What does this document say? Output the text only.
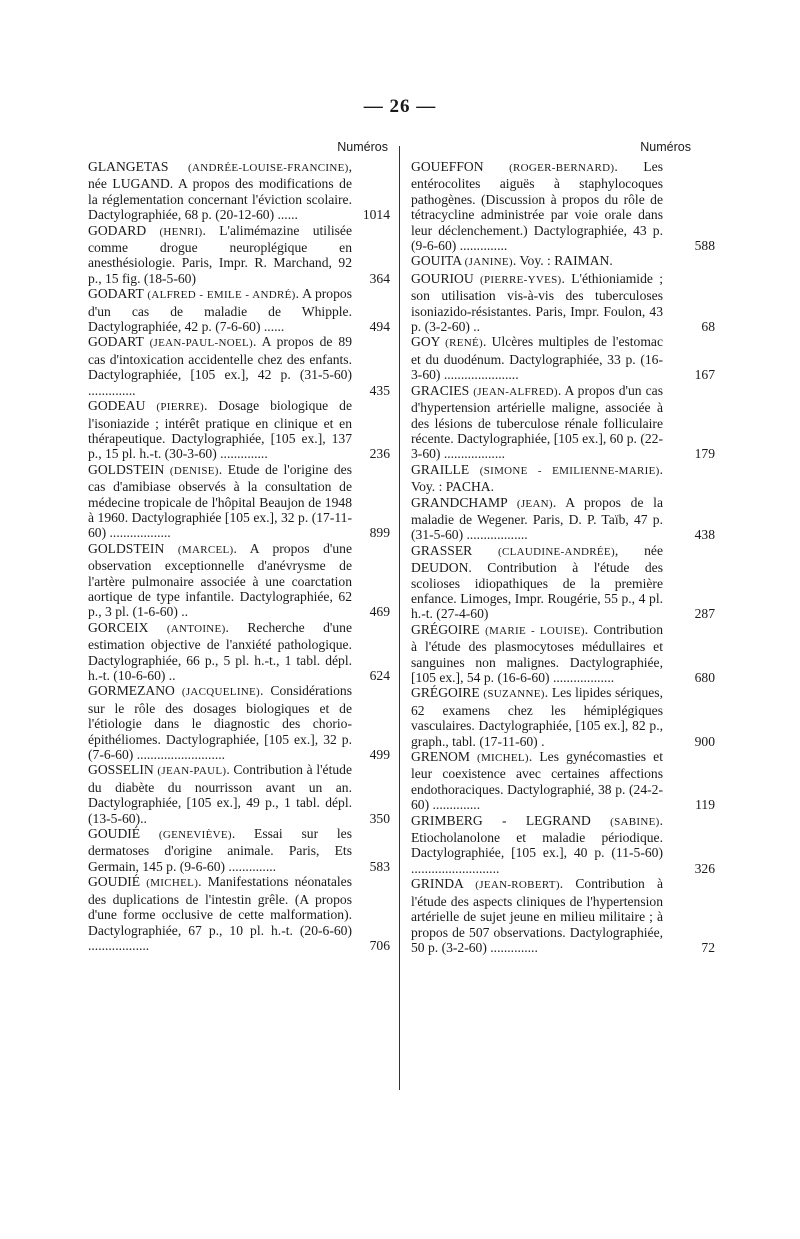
— 26 —
Numéros
GLANGETAS (ANDRÉE-LOUISE-FRANCINE), née LUGAND. A propos des modifications de la réglementation concernant l'éviction scolaire. Dactylographiée, 68 p. (20-12-60) ......	1014
GODARD (HENRI). L'alimémazine utilisée comme drogue neuroplégique en anesthésiologie. Paris, Impr. R. Marchand, 92 p., 15 fig. (18-5-60)	364
GODART (ALFRED - EMILE - ANDRÉ). A propos d'un cas de maladie de Whipple. Dactylographiée, 42 p. (7-6-60) ......	494
GODART (JEAN-PAUL-NOEL). A propos de 89 cas d'intoxication accidentelle chez des enfants. Dactylographiée, [105 ex.], 42 p. (31-5-60) ..............	435
GODEAU (PIERRE). Dosage biologique de l'isoniazide ; intérêt pratique en clinique et en thérapeutique. Dactylographiée, [105 ex.], 137 p., 15 pl. h.-t. (30-3-60) ..............	236
GOLDSTEIN (DENISE). Etude de l'origine des cas d'amibiase observés à la consultation de médecine tropicale de l'hôpital Beaujon de 1948 à 1960. Dactylographiée [105 ex.], 32 p. (17-11-60) ..................	899
GOLDSTEIN (MARCEL). A propos d'une observation exceptionnelle d'anévrysme de l'artère pulmonaire associée à une coarctation aortique de type infantile. Dactylographiée, 62 p., 3 pl. (1-6-60) ..	469
GORCEIX (ANTOINE). Recherche d'une estimation objective de l'anxiété pathologique. Dactylographiée, 66 p., 5 pl. h.-t., 1 tabl. dépl. h.-t. (10-6-60) ..	624
GORMEZANO (JACQUELINE). Considérations sur le rôle des dosages biologiques et de l'étiologie dans le diagnostic des chorio-épithéliomes. Dactylographiée, [105 ex.], 32 p. (7-6-60) ..........................	499
GOSSELIN (JEAN-PAUL). Contribution à l'étude du diabète du nourrisson avant un an. Dactylographiée, [105 ex.], 49 p., 1 tabl. dépl. (13-5-60)..	350
GOUDIÉ (GENEVIÈVE). Essai sur les dermatoses d'origine animale. Paris, Ets Germain, 145 p. (9-6-60) ..............	583
GOUDIÉ (MICHEL). Manifestations néonatales des duplications de l'intestin grêle. (A propos d'une forme occlusive de cette malformation). Dactylographiée, 67 p., 10 pl. h.-t. (20-6-60) ..................	706
Numéros
GOUEFFON (ROGER-BERNARD). Les entérocolites aiguës à staphylocoques pathogènes. (Discussion à propos du rôle de tétracycline administrée par voie orale dans leur déclenchement.) Dactylographiée, 43 p. (9-6-60) ..............	588
GOUITA (JANINE). Voy. : RAIMAN.
GOURIOU (PIERRE-YVES). L'éthioniamide ; son utilisation vis-à-vis des tuberculoses isoniazido-résistantes. Paris, Impr. Foulon, 43 p. (3-2-60) ..	68
GOY (RENÉ). Ulcères multiples de l'estomac et du duodénum. Dactylographiée, 33 p. (16-3-60) ......................	167
GRACIES (JEAN-ALFRED). A propos d'un cas d'hypertension artérielle maligne, associée à des lésions de tuberculose rénale folliculaire récente. Dactylographiée, [105 ex.], 60 p. (22-3-60) ..................	179
GRAILLE (SIMONE - EMILIENNE-MARIE). Voy. : PACHA.
GRANDCHAMP (JEAN). A propos de la maladie de Wegener. Paris, D. P. Taïb, 47 p. (31-5-60) ..................	438
GRASSER (CLAUDINE-ANDRÉE), née DEUDON. Contribution à l'étude des scolioses idiopathiques de la première enfance. Limoges, Impr. Rougérie, 55 p., 4 pl. h.-t. (27-4-60)	287
GRÉGOIRE (MARIE - LOUISE). Contribution à l'étude des plasmocytoses médullaires et sanguines non malignes. Dactylographiée, [105 ex.], 54 p. (16-6-60) ..................	680
GRÉGOIRE (SUZANNE). Les lipides sériques, 62 examens chez les hémiplégiques vasculaires. Dactylographiée, [105 ex.], 82 p., graph., tabl. (17-11-60) .	900
GRENOM (MICHEL). Les gynécomasties et leur coexistence avec certaines affections endothoraciques. Dactylographié, 38 p. (24-2-60) ..............	119
GRIMBERG - LEGRAND (SABINE). Etiocholanolone et maladie périodique. Dactylographiée, [105 ex.], 40 p. (11-5-60) ..........................	326
GRINDA (JEAN-ROBERT). Contribution à l'étude des aspects cliniques de l'hypertension artérielle de sujet jeune en milieu militaire ; à propos de 507 observations. Dactylographiée, 50 p. (3-2-60) ..............	72
